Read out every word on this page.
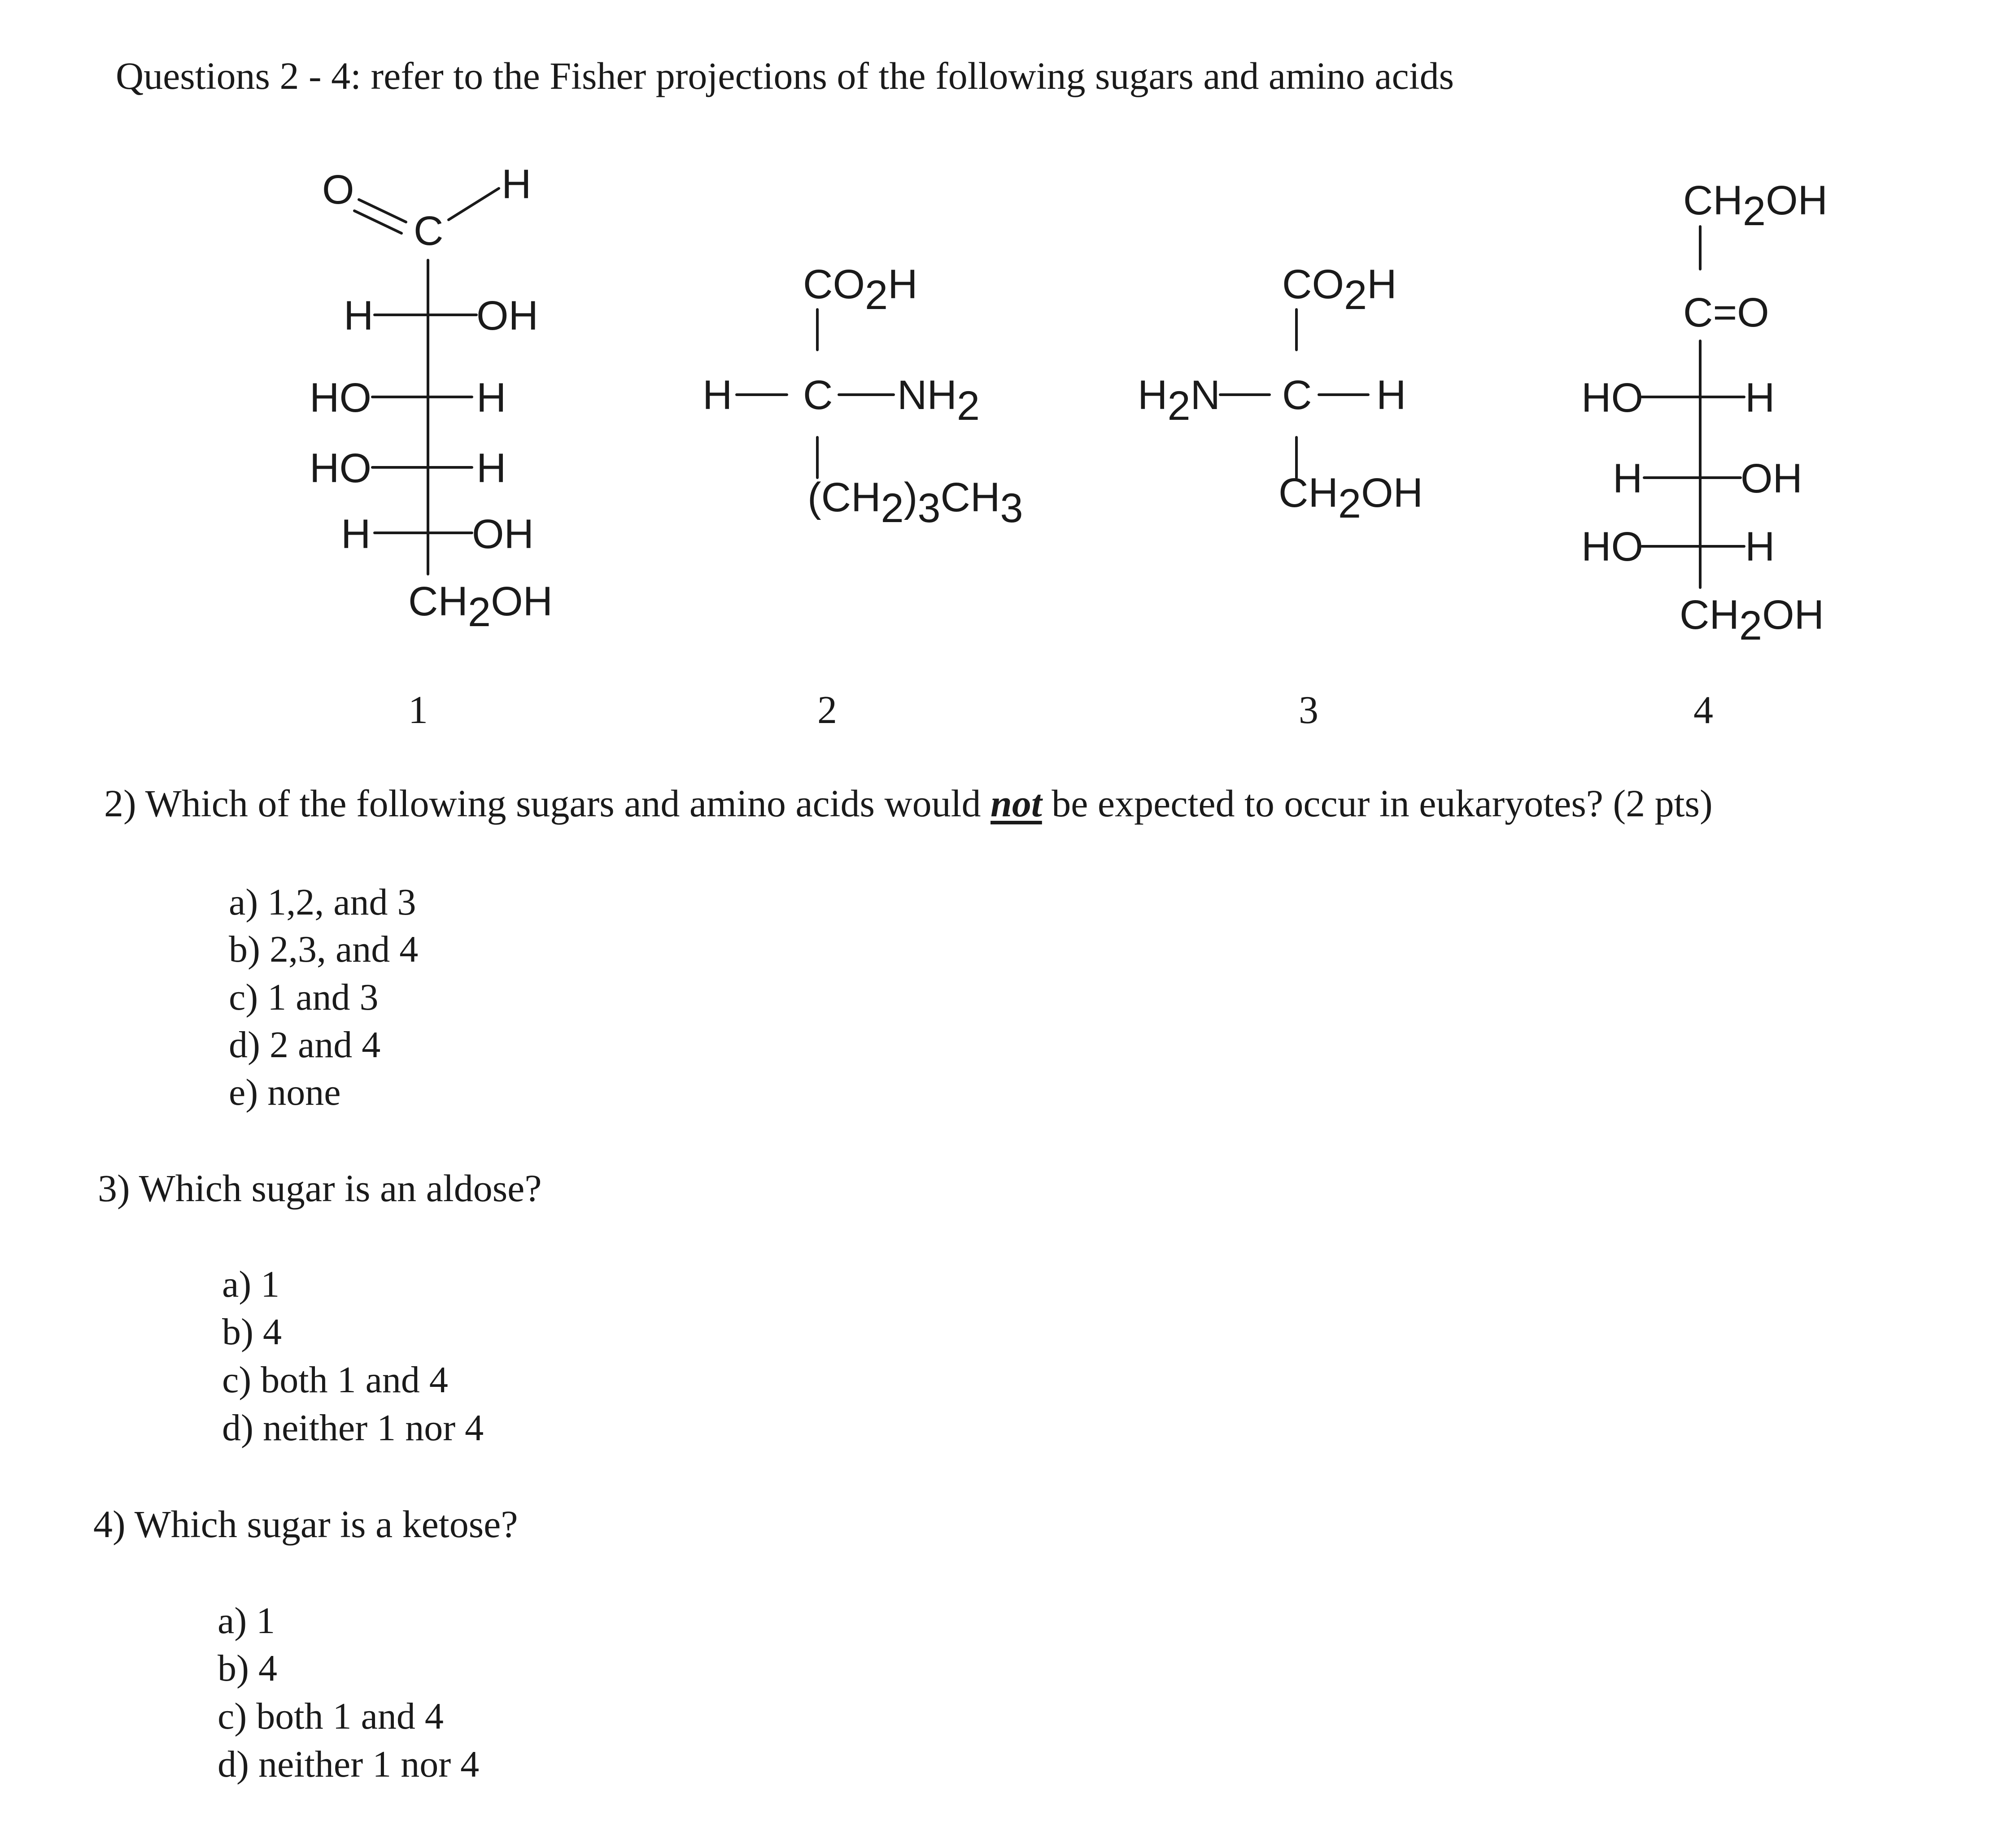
Questions 2 - 4: refer to the Fisher projections of the following sugars and amino acids
O
C
H
H OH
HO	H
HO	H
H OH
CH2OH
CO2H
H C NH2
(CH2)3CH3
CO2H
H2N C H
CH2OH
CH2OH
C=O
HO H
H OH
HO H
CH2OH
1	2	3	4
2) Which of the following sugars and amino acids would not be expected to occur in eukaryotes? (2 pts)
a) 1,2, and 3
b) 2,3, and 4
c) 1 and 3
d) 2 and 4
e) none
3) Which sugar is an aldose?
a) 1
b) 4
c) both 1 and 4
d) neither 1 nor 4
4) Which sugar is a ketose?
a) 1
b) 4
c) both 1 and 4
d) neither 1 nor 4
